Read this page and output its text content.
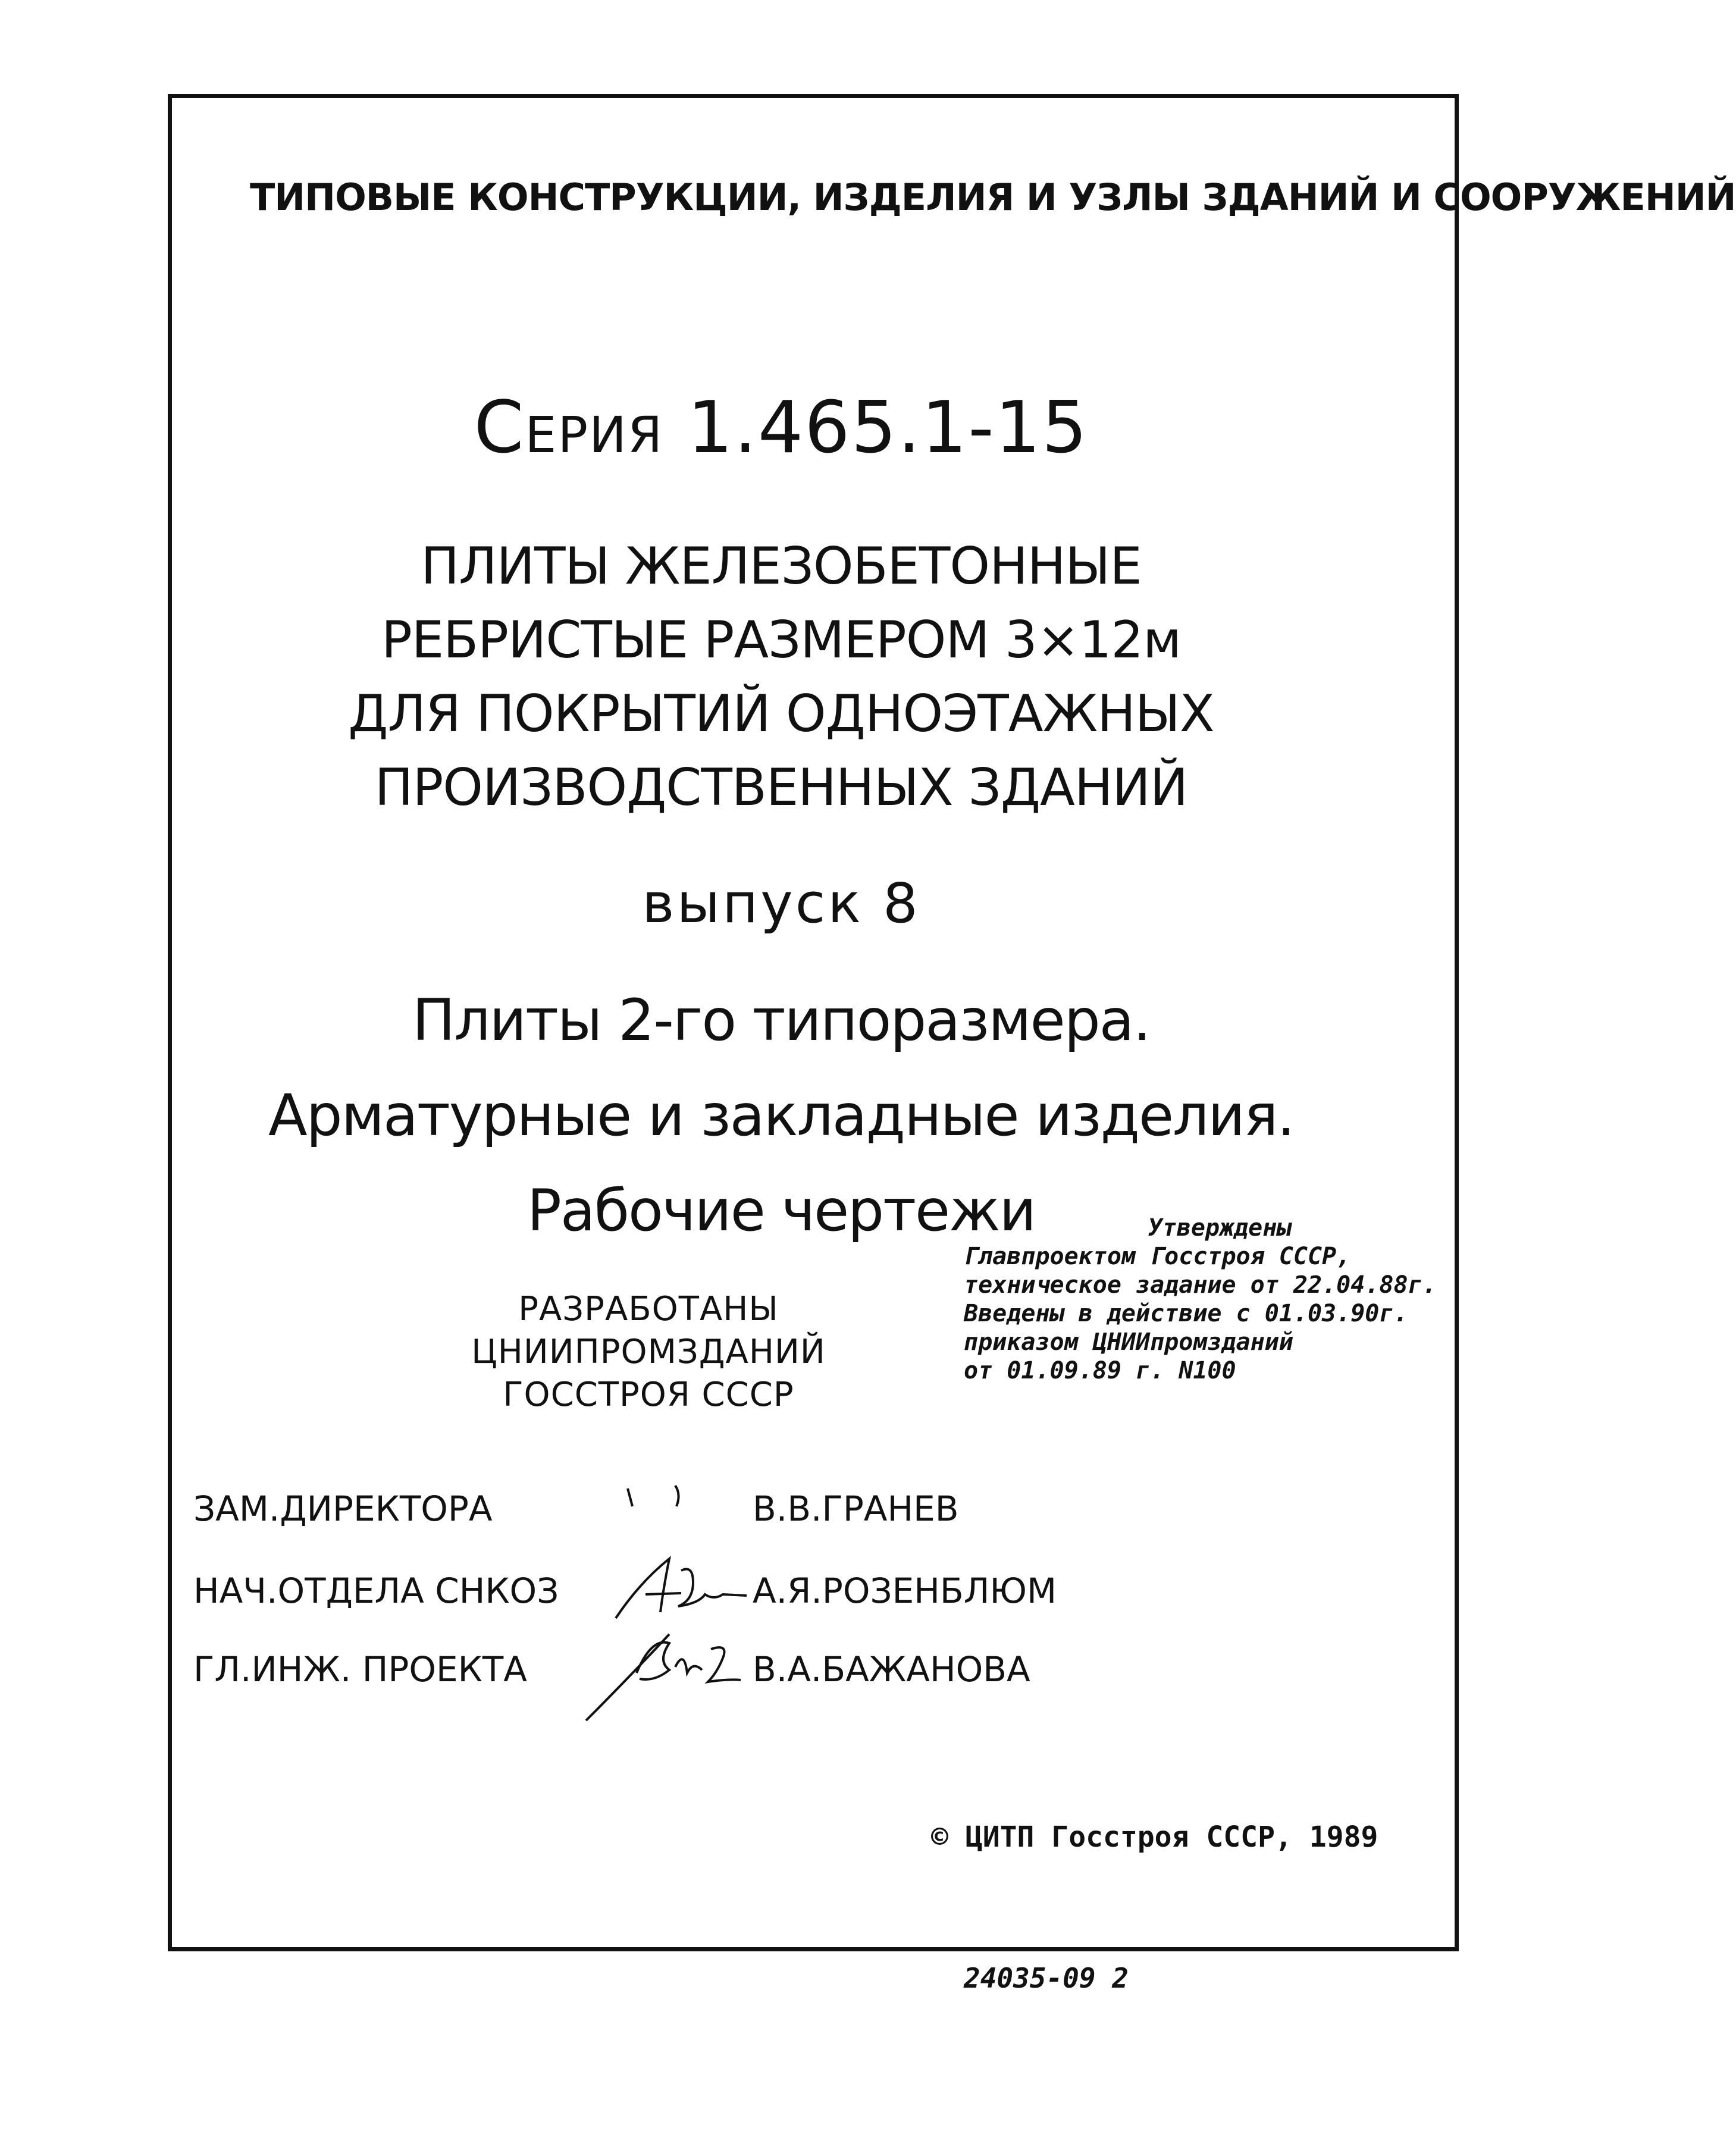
ТИПОВЫЕ КОНСТРУКЦИИ, ИЗДЕЛИЯ И УЗЛЫ ЗДАНИЙ И СООРУЖЕНИЙ
Серия 1.465.1-15
ПЛИТЫ ЖЕЛЕЗОБЕТОННЫЕ
РЕБРИСТЫЕ РАЗМЕРОМ 3×12м
ДЛЯ ПОКРЫТИЙ ОДНОЭТАЖНЫХ
ПРОИЗВОДСТВЕННЫХ ЗДАНИЙ
выпуск 8
Плиты 2-го типоразмера.
Арматурные и закладные изделия.
Рабочие чертежи	Утверждены
Главпроектом Госстроя СССР,
техническое задание от 22.04.88г.
Введены в действие с 01.03.90г.
приказом ЦНИИпромзданий
от 01.09.89 г. N100
РАЗРАБОТАНЫ
ЦНИИПРОМЗДАНИЙ
ГОССТРОЯ СССР
ЗАМ.ДИРЕКТОРА	В.В.ГРАНЕВ
НАЧ.ОТДЕЛА СНКОЗ	А.Я.РОЗЕНБЛЮМ
ГЛ.ИНЖ. ПРОЕКТА	В.А.БАЖАНОВА
© ЦИТП Госстроя СССР, 1989
24035-09 2
